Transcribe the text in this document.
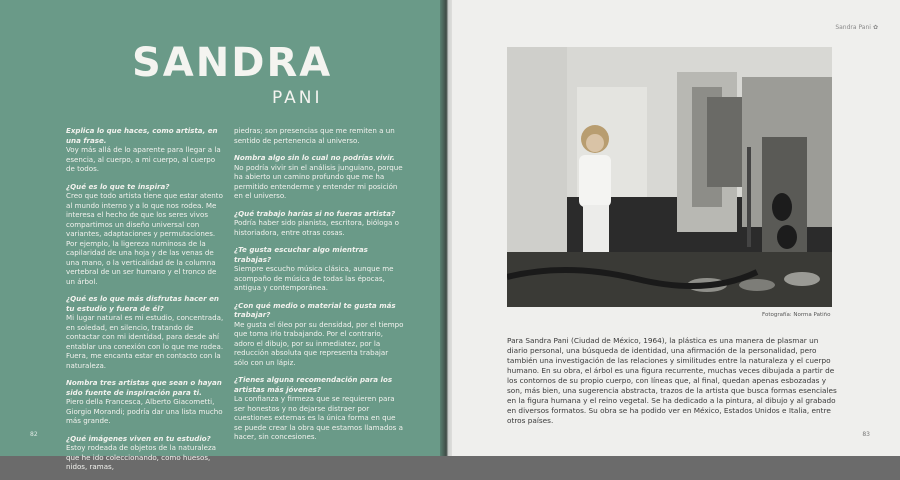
SANDRA
PANI
Explica lo que haces, como artista, en una frase.
Voy más allá de lo aparente para llegar a la esencia, al cuerpo, a mi cuerpo, al cuerpo de todos.
¿Qué es lo que te inspira?
Creo que todo artista tiene que estar atento al mundo interno y a lo que nos rodea. Me interesa el hecho de que los seres vivos compartimos un diseño universal con variantes, adaptaciones y permutaciones. Por ejemplo, la ligereza numinosa de la capilaridad de una hoja y de las venas de una mano, o la verticalidad de la columna vertebral de un ser humano y el tronco de un árbol.
¿Qué es lo que más disfrutas hacer en tu estudio y fuera de él?
Mi lugar natural es mi estudio, concentrada, en soledad, en silencio, tratando de contactar con mi identidad, para desde ahí entablar una conexión con lo que me rodea. Fuera, me encanta estar en contacto con la naturaleza.
Nombra tres artistas que sean o hayan sido fuente de inspiración para ti.
Piero della Francesca, Alberto Giacometti, Giorgio Morandi; podría dar una lista mucho más grande.
¿Qué imágenes viven en tu estudio?
Estoy rodeada de objetos de la naturaleza que he ido coleccionando, como huesos, nidos, ramas,
piedras; son presencias que me remiten a un sentido de pertenencia al universo.
Nombra algo sin lo cual no podrías vivir.
No podría vivir sin el análisis junguiano, porque ha abierto un camino profundo que me ha permitido entenderme y entender mi posición en el universo.
¿Qué trabajo harías si no fueras artista?
Podría haber sido pianista, escritora, bióloga o historiadora, entre otras cosas.
¿Te gusta escuchar algo mientras trabajas?
Siempre escucho música clásica, aunque me acompaño de música de todas las épocas, antigua y contemporánea.
¿Con qué medio o material te gusta más trabajar?
Me gusta el óleo por su densidad, por el tiempo que toma irlo trabajando. Por el contrario, adoro el dibujo, por su inmediatez, por la reducción absoluta que representa trabajar sólo con un lápiz.
¿Tienes alguna recomendación para los artistas más jóvenes?
La confianza y firmeza que se requieren para ser honestos y no dejarse distraer por cuestiones externas es la única forma en que se puede crear la obra que estamos llamados a hacer, sin concesiones.
82
Sandra Pani ✿
Fotografía: Norma Patiño
Para Sandra Pani (Ciudad de México, 1964), la plástica es una manera de plasmar un diario personal, una búsqueda de identidad, una afirmación de la personalidad, pero también una investigación de las relaciones y similitudes entre la naturaleza y el cuerpo humano. En su obra, el árbol es una figura recurrente, muchas veces dibujada a partir de los contornos de su propio cuerpo, con líneas que, al final, quedan apenas esbozadas y son, más bien, una sugerencia abstracta, trazos de la artista que busca formas esenciales en la figura humana y el reino vegetal. Se ha dedicado a la pintura, al dibujo y al grabado en diversos formatos. Su obra se ha podido ver en México, Estados Unidos e Italia, entre otros países.
83
